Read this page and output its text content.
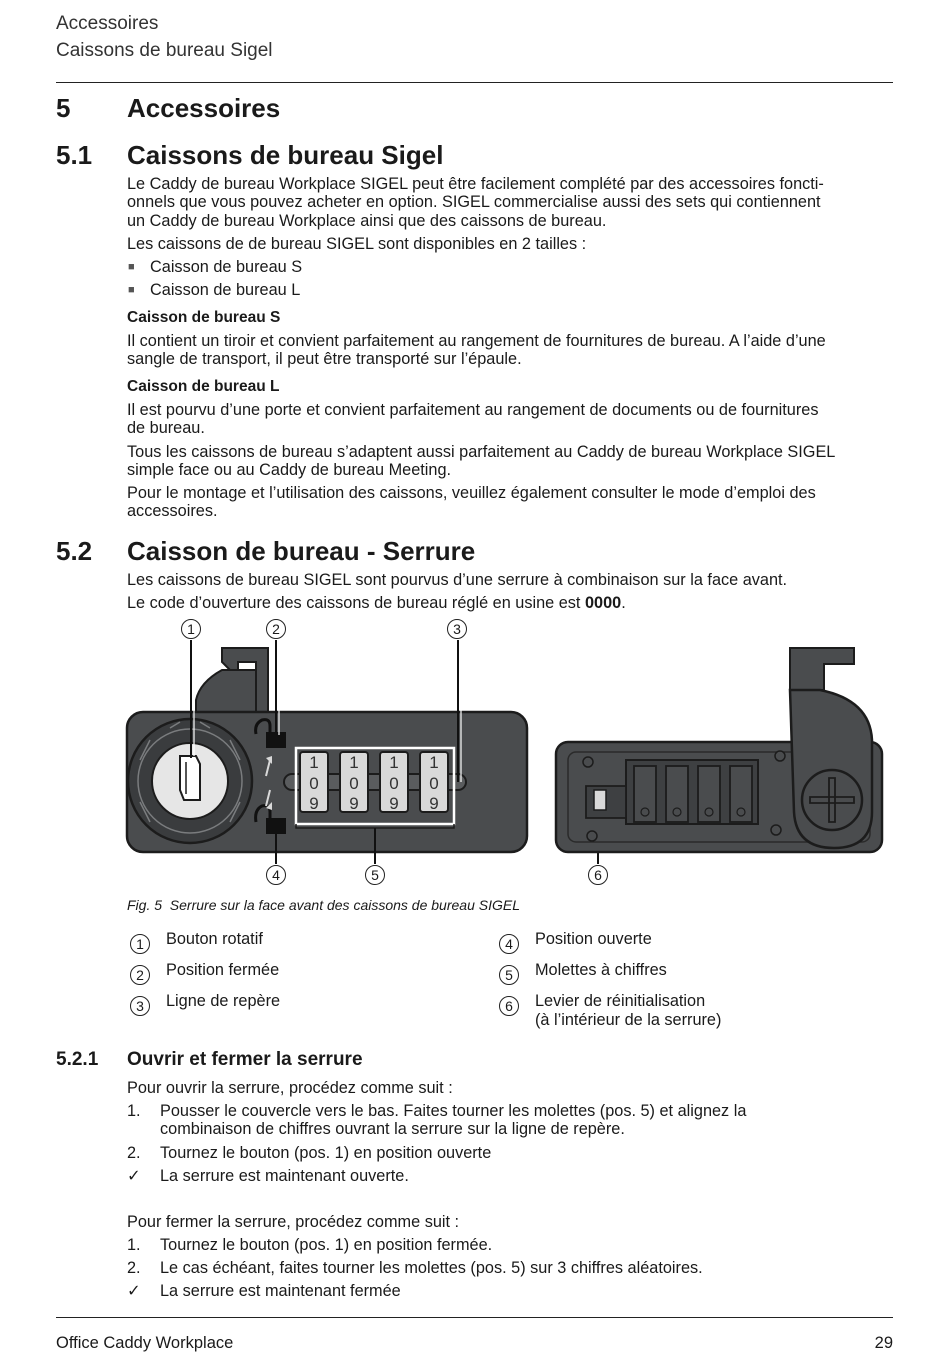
Accessoires
Caissons de bureau Sigel
5 Accessoires
5.1 Caissons de bureau Sigel
Le Caddy de bureau Workplace SIGEL peut être facilement complété par des accessoires foncti-
onnels que vous pouvez acheter en option. SIGEL commercialise aussi des sets qui contiennent
un Caddy de bureau Workplace ainsi que des caissons de bureau.
Les caissons de de bureau SIGEL sont disponibles en 2 tailles :
■ Caisson de bureau S
■ Caisson de bureau L
Caisson de bureau S
Il contient un tiroir et convient parfaitement au rangement de fournitures de bureau. A l’aide d’une
sangle de transport, il peut être transporté sur l’épaule.
Caisson de bureau L
Il est pourvu d’une porte et convient parfaitement au rangement de documents ou de fournitures
de bureau.
Tous les caissons de bureau s’adaptent aussi parfaitement au Caddy de bureau Workplace SIGEL
simple face ou au Caddy de bureau Meeting.
Pour le montage et l’utilisation des caissons, veuillez également consulter le mode d’emploi des
accessoires.
5.2 Caisson de bureau - Serrure
Les caissons de bureau SIGEL sont pourvus d’une serrure à combinaison sur la face avant.
Le code d’ouverture des caissons de bureau réglé en usine est 0000.
1 1 1 1
0 0 0 0
9 9 9 9
1	2	3
4	5	6
Fig. 5 Serrure sur la face avant des caissons de bureau SIGEL
1	Bouton rotatif
2	Position fermée
3	Ligne de repère
4	Position ouverte
5	Molettes à chiffres
6	Levier de réinitialisation
(à l’intérieur de la serrure)
5.2.1 Ouvrir et fermer la serrure
Pour ouvrir la serrure, procédez comme suit :
1. Pousser le couvercle vers le bas. Faites tourner les molettes (pos. 5) et alignez la
combinaison de chiffres ouvrant la serrure sur la ligne de repère.
2. Tournez le bouton (pos. 1) en position ouverte
✓ La serrure est maintenant ouverte.
Pour fermer la serrure, procédez comme suit :
1. Tournez le bouton (pos. 1) en position fermée.
2. Le cas échéant, faites tourner les molettes (pos. 5) sur 3 chiffres aléatoires.
✓ La serrure est maintenant fermée
Office Caddy Workplace	29
